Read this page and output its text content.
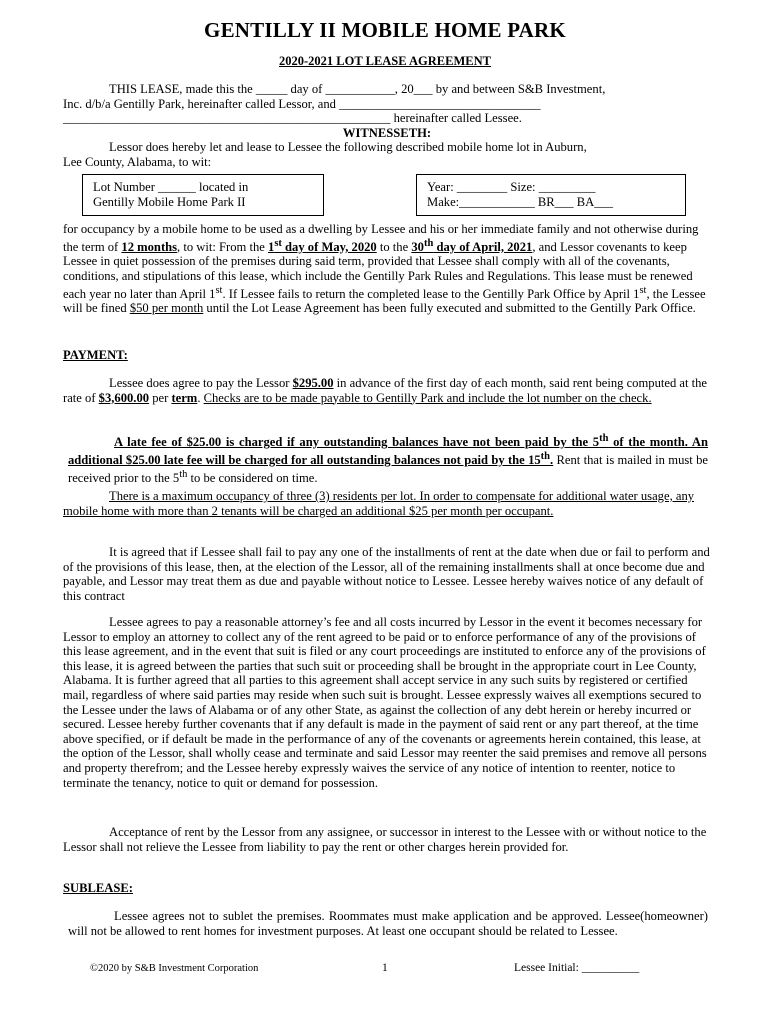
GENTILLY II MOBILE HOME PARK
2020-2021 LOT LEASE AGREEMENT
THIS LEASE, made this the _____ day of ___________, 20___ by and between S&B Investment,
Inc. d/b/a Gentilly Park, hereinafter called Lessor, and ________________________________
____________________________________________________ hereinafter called Lessee.
WITNESSETH:
Lessor does hereby let and lease to Lessee the following described mobile home lot in Auburn,
Lee County, Alabama, to wit:
Lot Number ______ located in
Gentilly Mobile Home Park II
Year: ________ Size: _________
Make:____________ BR___ BA___
for occupancy by a mobile home to be used as a dwelling by Lessee and his or her immediate family and not otherwise during the term of 12 months, to wit: From the 1st day of May, 2020 to the 30th day of April, 2021, and Lessor covenants to keep Lessee in quiet possession of the premises during said term, provided that Lessee shall comply with all of the covenants, conditions, and stipulations of this lease, which include the Gentilly Park Rules and Regulations. This lease must be renewed each year no later than April 1st. If Lessee fails to return the completed lease to the Gentilly Park Office by April 1st, the Lessee will be fined $50 per month until the Lot Lease Agreement has been fully executed and submitted to the Gentilly Park Office.
PAYMENT:
Lessee does agree to pay the Lessor $295.00 in advance of the first day of each month, said rent being computed at the rate of $3,600.00 per term. Checks are to be made payable to Gentilly Park and include the lot number on the check.
A late fee of $25.00 is charged if any outstanding balances have not been paid by the 5th of the month. An additional $25.00 late fee will be charged for all outstanding balances not paid by the 15th. Rent that is mailed in must be received prior to the 5th to be considered on time.
There is a maximum occupancy of three (3) residents per lot. In order to compensate for additional water usage, any mobile home with more than 2 tenants will be charged an additional $25 per month per occupant.
It is agreed that if Lessee shall fail to pay any one of the installments of rent at the date when due or fail to perform and of the provisions of this lease, then, at the election of the Lessor, all of the remaining installments shall at once become due and payable, and Lessor may treat them as due and payable without notice to Lessee. Lessee hereby waives notice of any default of this contract
Lessee agrees to pay a reasonable attorney’s fee and all costs incurred by Lessor in the event it becomes necessary for Lessor to employ an attorney to collect any of the rent agreed to be paid or to enforce performance of any of the provisions of this lease agreement, and in the event that suit is filed or any court proceedings are instituted to enforce any of the provisions of this lease, it is agreed between the parties that such suit or proceeding shall be brought in the appropriate court in Lee County, Alabama. It is further agreed that all parties to this agreement shall accept service in any such suits by registered or certified mail, regardless of where said parties may reside when such suit is brought. Lessee expressly waives all exemptions secured to the Lessee under the laws of Alabama or of any other State, as against the collection of any debt herein or hereby incurred or secured. Lessee hereby further covenants that if any default is made in the payment of said rent or any part thereof, at the time above specified, or if default be made in the performance of any of the covenants or agreements herein contained, this lease, at the option of the Lessor, shall wholly cease and terminate and said Lessor may reenter the said premises and remove all persons and property therefrom; and the Lessee hereby expressly waives the service of any notice of intention to reenter, notice to terminate the tenancy, notice to quit or demand for possession.
Acceptance of rent by the Lessor from any assignee, or successor in interest to the Lessee with or without notice to the Lessor shall not relieve the Lessee from liability to pay the rent or other charges herein provided for.
SUBLEASE:
Lessee agrees not to sublet the premises. Roommates must make application and be approved. Lessee(homeowner) will not be allowed to rent homes for investment purposes. At least one occupant should be related to Lessee.
©2020 by S&B Investment Corporation	1	Lessee Initial: __________
